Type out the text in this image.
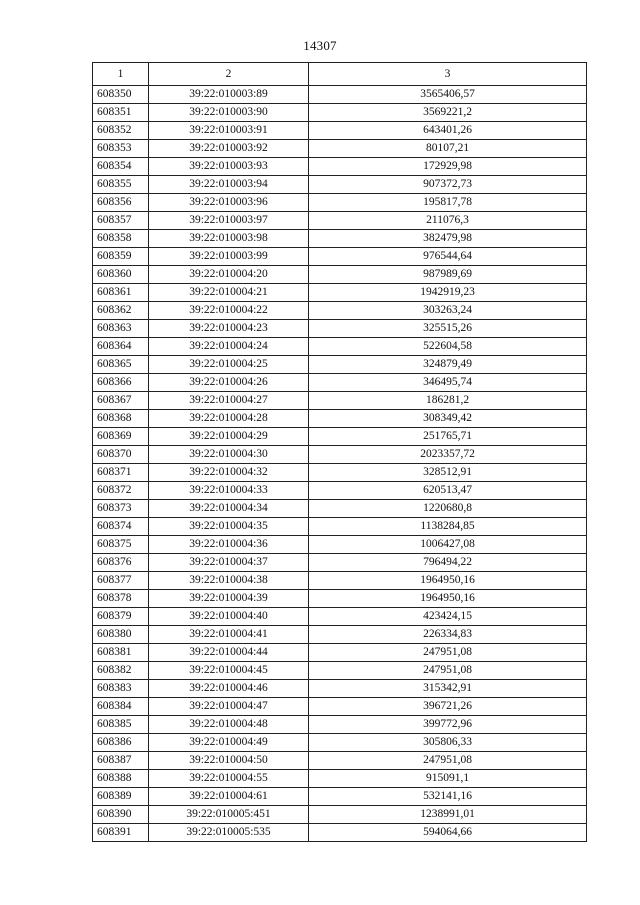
14307
1	2	3
608350	39:22:010003:89	3565406,57
608351	39:22:010003:90	3569221,2
608352	39:22:010003:91	643401,26
608353	39:22:010003:92	80107,21
608354	39:22:010003:93	172929,98
608355	39:22:010003:94	907372,73
608356	39:22:010003:96	195817,78
608357	39:22:010003:97	211076,3
608358	39:22:010003:98	382479,98
608359	39:22:010003:99	976544,64
608360	39:22:010004:20	987989,69
608361	39:22:010004:21	1942919,23
608362	39:22:010004:22	303263,24
608363	39:22:010004:23	325515,26
608364	39:22:010004:24	522604,58
608365	39:22:010004:25	324879,49
608366	39:22:010004:26	346495,74
608367	39:22:010004:27	186281,2
608368	39:22:010004:28	308349,42
608369	39:22:010004:29	251765,71
608370	39:22:010004:30	2023357,72
608371	39:22:010004:32	328512,91
608372	39:22:010004:33	620513,47
608373	39:22:010004:34	1220680,8
608374	39:22:010004:35	1138284,85
608375	39:22:010004:36	1006427,08
608376	39:22:010004:37	796494,22
608377	39:22:010004:38	1964950,16
608378	39:22:010004:39	1964950,16
608379	39:22:010004:40	423424,15
608380	39:22:010004:41	226334,83
608381	39:22:010004:44	247951,08
608382	39:22:010004:45	247951,08
608383	39:22:010004:46	315342,91
608384	39:22:010004:47	396721,26
608385	39:22:010004:48	399772,96
608386	39:22:010004:49	305806,33
608387	39:22:010004:50	247951,08
608388	39:22:010004:55	915091,1
608389	39:22:010004:61	532141,16
608390	39:22:010005:451	1238991,01
608391	39:22:010005:535	594064,66
